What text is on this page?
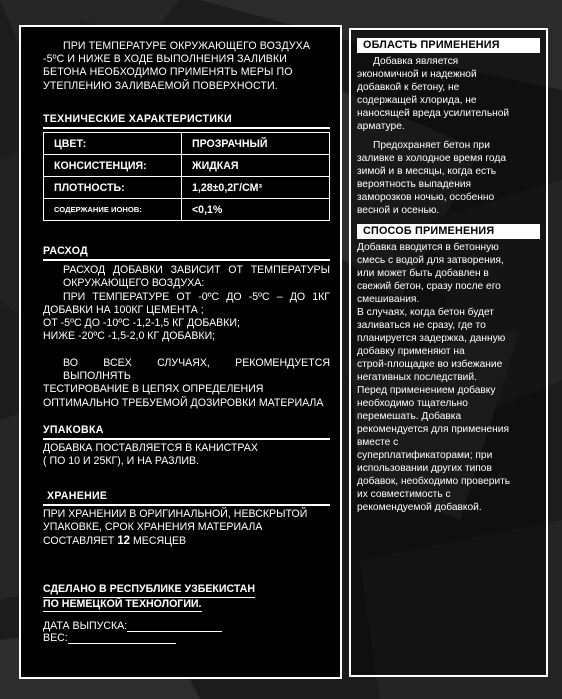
ПРИ ТЕМПЕРАТУРЕ ОКРУЖАЮЩЕГО ВОЗДУХА -5ºС И НИЖЕ В ХОДЕ ВЫПОЛНЕНИЯ ЗАЛИВКИ БЕТОНА НЕОБХОДИМО ПРИМЕНЯТЬ МЕРЫ ПО УТЕПЛЕНИЮ ЗАЛИВАЕМОЙ ПОВЕРХНОСТИ.
ТЕХНИЧЕСКИЕ ХАРАКТЕРИСТИКИ
ЦВЕТ:	ПРОЗРАЧНЫЙ
КОНСИСТЕНЦИЯ:	ЖИДКАЯ
ПЛОТНОСТЬ:	1,28±0,2Г/СМ³
СОДЕРЖАНИЕ ИОНОВ:	<0,1%
РАСХОД

РАСХОД ДОБАВКИ ЗАВИСИТ ОТ ТЕМПЕРАТУРЫ

ОКРУЖАЮЩЕГО ВОЗДУХА:

ПРИ ТЕМПЕРАТУРЕ ОТ -0ºС ДО -5ºС – ДО 1КГ

ДОБАВКИ НА 100КГ ЦЕМЕНТА ;

ОТ -5ºС ДО -10ºС -1,2-1,5 КГ ДОБАВКИ;

НИЖЕ -20ºС -1,5-2,0 КГ ДОБАВКИ;

ВО ВСЕХ СЛУЧАЯХ, РЕКОМЕНДУЕТСЯ ВЫПОЛНЯТЬ

ТЕСТИРОВАНИЕ В ЦЕПЯХ ОПРЕДЕЛЕНИЯ

ОПТИМАЛЬНО ТРЕБУЕМОЙ ДОЗИРОВКИ МАТЕРИАЛА

УПАКОВКА

ДОБАВКА ПОСТАВЛЯЕТСЯ В КАНИСТРАХ

( ПО 10 И 25КГ), И НА РАЗЛИВ.

ХРАНЕНИЕ

ПРИ ХРАНЕНИИ В ОРИГИНАЛЬНОЙ, НЕВСКРЫТОЙ

УПАКОВКЕ, СРОК ХРАНЕНИЯ МАТЕРИАЛА

СОСТАВЛЯЕТ 12 МЕСЯЦЕВ

СДЕЛАНО В РЕСПУБЛИКЕ УЗБЕКИСТАН
ПО НЕМЕЦКОЙ ТЕХНОЛОГИИ.
ДАТА ВЫПУСКА:
ВЕС:
ОБЛАСТЬ ПРИМЕНЕНИЯ

Добавка является

экономичной и надежной

добавкой к бетону, не

содержащей хлорида, не

наносящей вреда усилительной

арматуре.

Предохраняет бетон при

заливке в холодное время года

зимой и в месяцы, когда есть

вероятность выпадения

заморозков ночью, особенно

весной и осенью.

СПОСОБ ПРИМЕНЕНИЯ

Добавка вводится в бетонную

смесь с водой для затворения,

или может быть добавлен в

свежий бетон, сразу после его

смешивания.

В случаях, когда бетон будет

заливаться не сразу, где то

планируется задержка, данную

добавку применяют на

строй-площадке во избежание

негативных последствий.

Перед применением добавку

необходимо тщательно

перемешать. Добавка

рекомендуется для применения

вместе с

суперплатификаторами; при

использовании других типов

добавок, необходимо проверить

их совместимость с

рекомендуемой добавкой.
